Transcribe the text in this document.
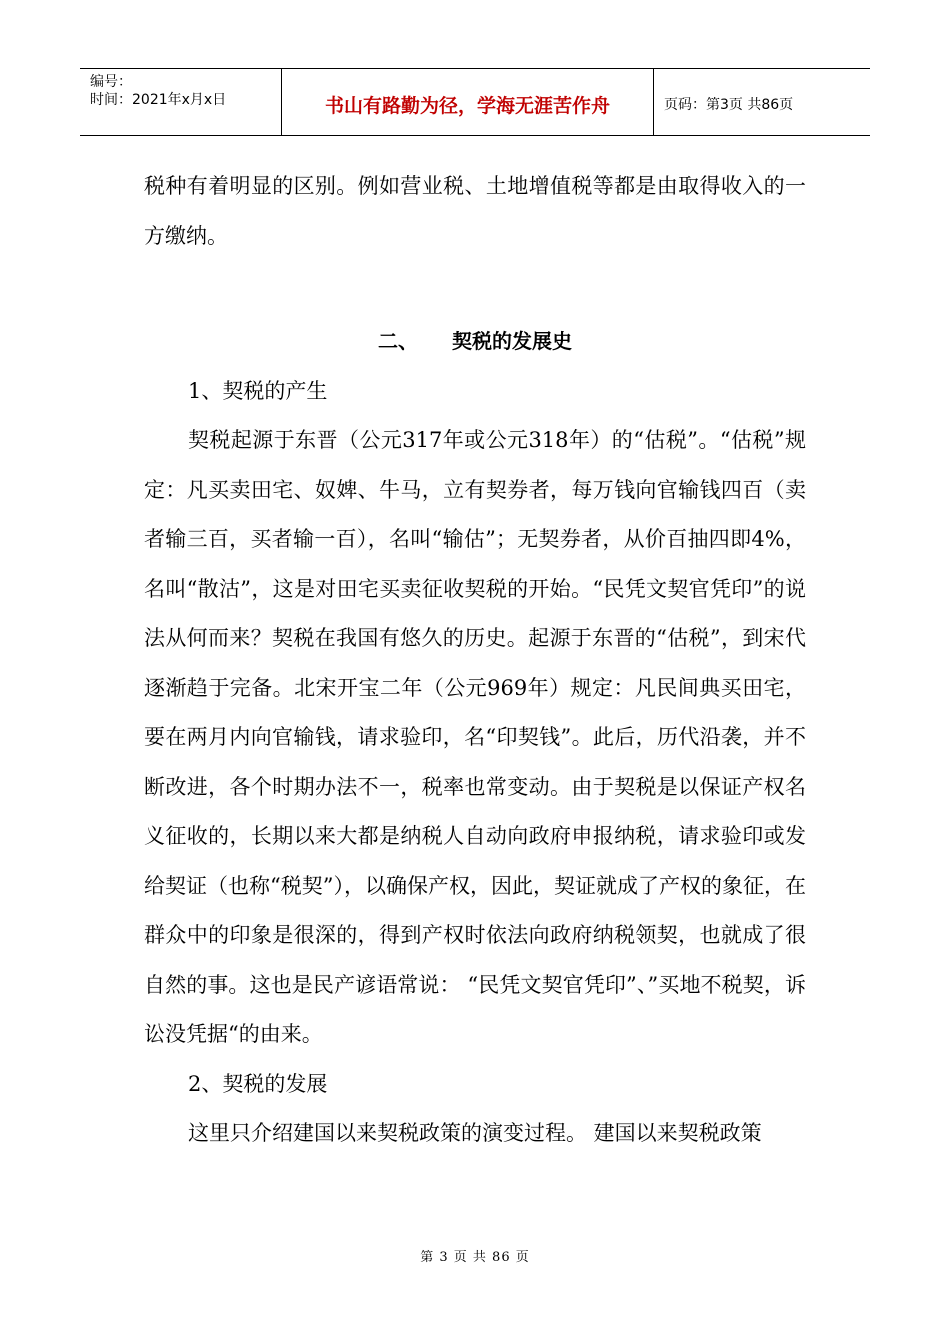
编号：
时间：2021年x月x日	书山有路勤为径，学海无涯苦作舟	页码：第3页 共86页

税种有着明显的区别。例如营业税、土地增值税等都是由取得收入的一方缴纳。

二、 契税的发展史

1、契税的产生

契税起源于东晋（公元317年或公元318年）的“估税”。“估税”规定：凡买卖田宅、奴婢、牛马，立有契券者，每万钱向官输钱四百（卖者输三百，买者输一百），名叫“输估”；无契券者，从价百抽四即4%，名叫“散沽”，这是对田宅买卖征收契税的开始。“民凭文契官凭印”的说法从何而来？契税在我国有悠久的历史。起源于东晋的“估税”，到宋代逐渐趋于完备。北宋开宝二年（公元969年）规定：凡民间典买田宅，要在两月内向官输钱，请求验印，名“印契钱”。此后，历代沿袭，并不断改进，各个时期办法不一，税率也常变动。由于契税是以保证产权名义征收的，长期以来大都是纳税人自动向政府申报纳税，请求验印或发给契证（也称“税契”），以确保产权，因此，契证就成了产权的象征，在群众中的印象是很深的，得到产权时依法向政府纳税领契，也就成了很自然的事。这也是民产谚语常说： “民凭文契官凭印”、”买地不税契，诉讼没凭据“的由来。

2、契税的发展

这里只介绍建国以来契税政策的演变过程。 建国以来契税政策

第 3 页 共 86 页
